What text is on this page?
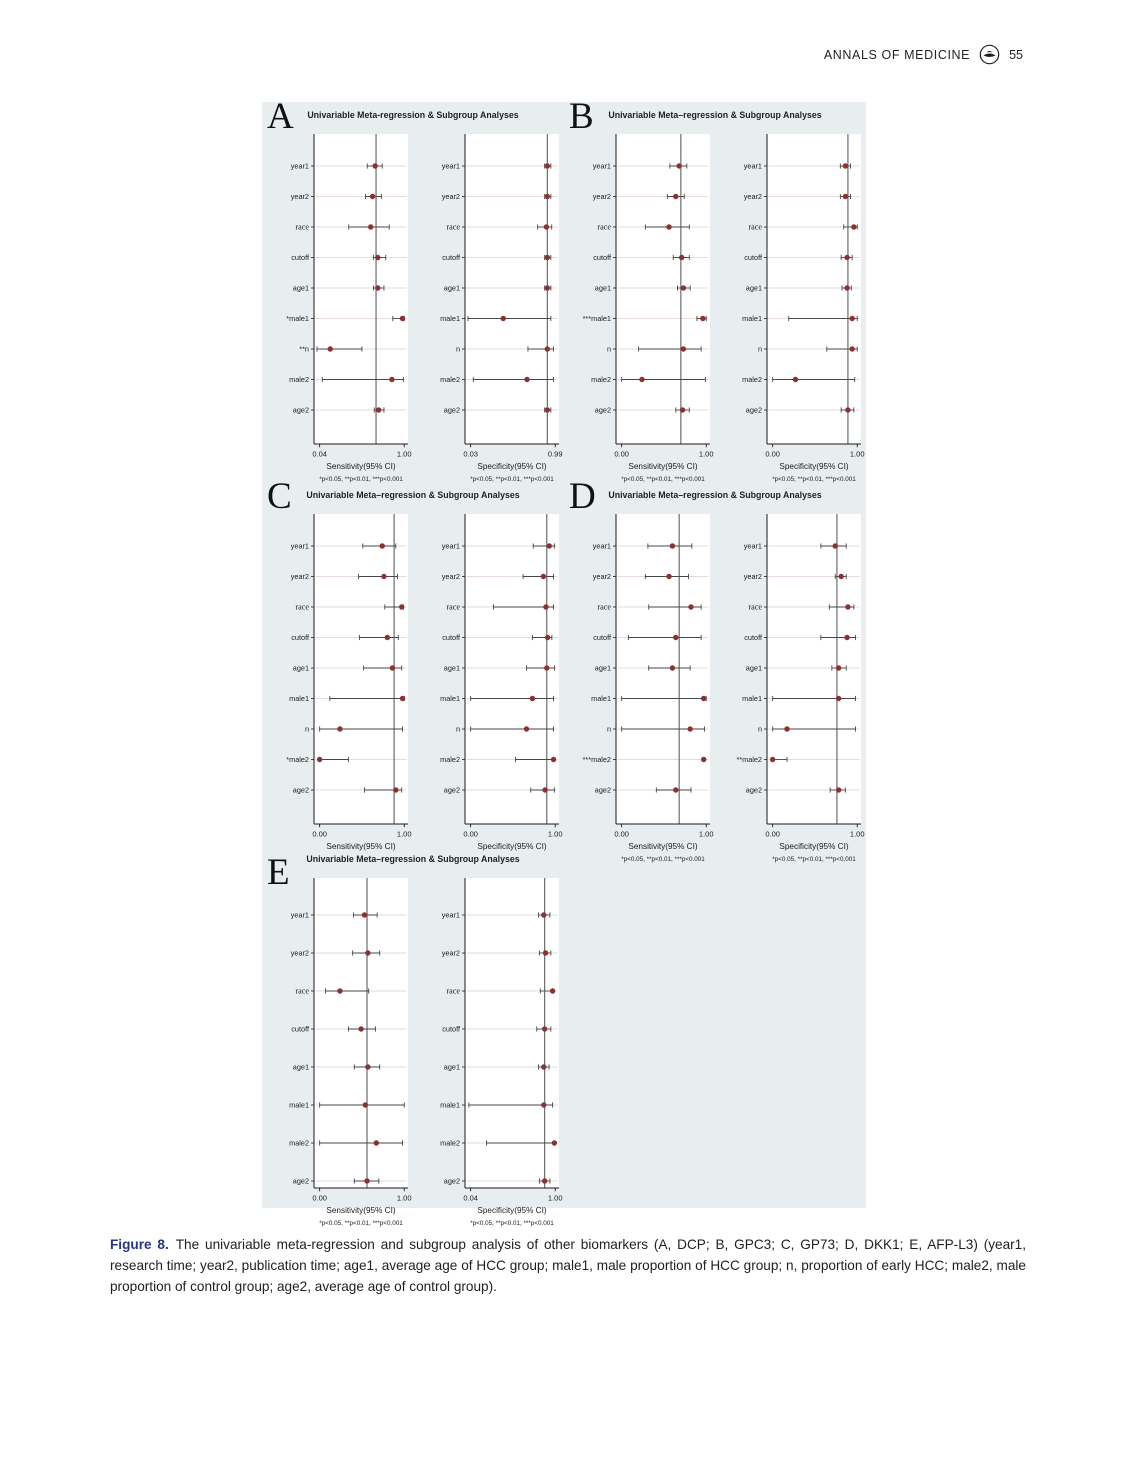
ANNALS OF MEDICINE	55
A	Univariable Meta-regression & Subgroup Analyses
year1
year2
race
cutoff
age1
*male1
**n
male2
age2
0.04	1.00
Sensitivity(95% CI)
*p<0.05, **p<0.01, ***p<0.001
year1
year2
race
cutoff
age1
male1
n
male2
age2
0.03	0.99
Specificity(95% CI)
*p<0.05, **p<0.01, ***p<0.001
B	Univariable Meta–regression & Subgroup Analyses
year1
year2
race
cutoff
age1
***male1
n
male2
age2
0.00	1.00
Sensitivity(95% CI)
*p<0.05, **p<0.01, ***p<0.001
year1
year2
race
cutoff
age1
male1
n
male2
age2
0.00	1.00
Specificity(95% CI)
*p<0.05, **p<0.01, ***p<0.001
C	Univariable Meta–regression & Subgroup Analyses
year1
year2
race
cutoff
age1
male1
n
*male2
age2
0.00	1.00
Sensitivity(95% CI)
year1
year2
race
cutoff
age1
male1
n
male2
age2
0.00	1.00
Specificity(95% CI)
D	Univariable Meta–regression & Subgroup Analyses
year1
year2
race
cutoff
age1
male1
n
***male2
age2
0.00	1.00
Sensitivity(95% CI)
*p<0.05, **p<0.01, ***p<0.001
year1
year2
race
cutoff
age1
male1
n
**male2
age2
0.00	1.00
Specificity(95% CI)
*p<0.05, **p<0.01, ***p<0.001
E	Univariable Meta–regression & Subgroup Analyses
year1
year2
race
cutoff
age1
male1
male2
age2
0.00	1.00
Sensitivity(95% CI)
*p<0.05, **p<0.01, ***p<0.001
year1
year2
race
cutoff
age1
male1
male2
age2
0.04	1.00
Specificity(95% CI)
*p<0.05, **p<0.01, ***p<0.001

Figure 8. The univariable meta-regression and subgroup analysis of other biomarkers (A, DCP; B, GPC3; C, GP73; D, DKK1; E, AFP-L3) (year1, research time; year2, publication time; age1, average age of HCC group; male1, male proportion of HCC group; n, proportion of early HCC; male2, male proportion of control group; age2, average age of control group).
